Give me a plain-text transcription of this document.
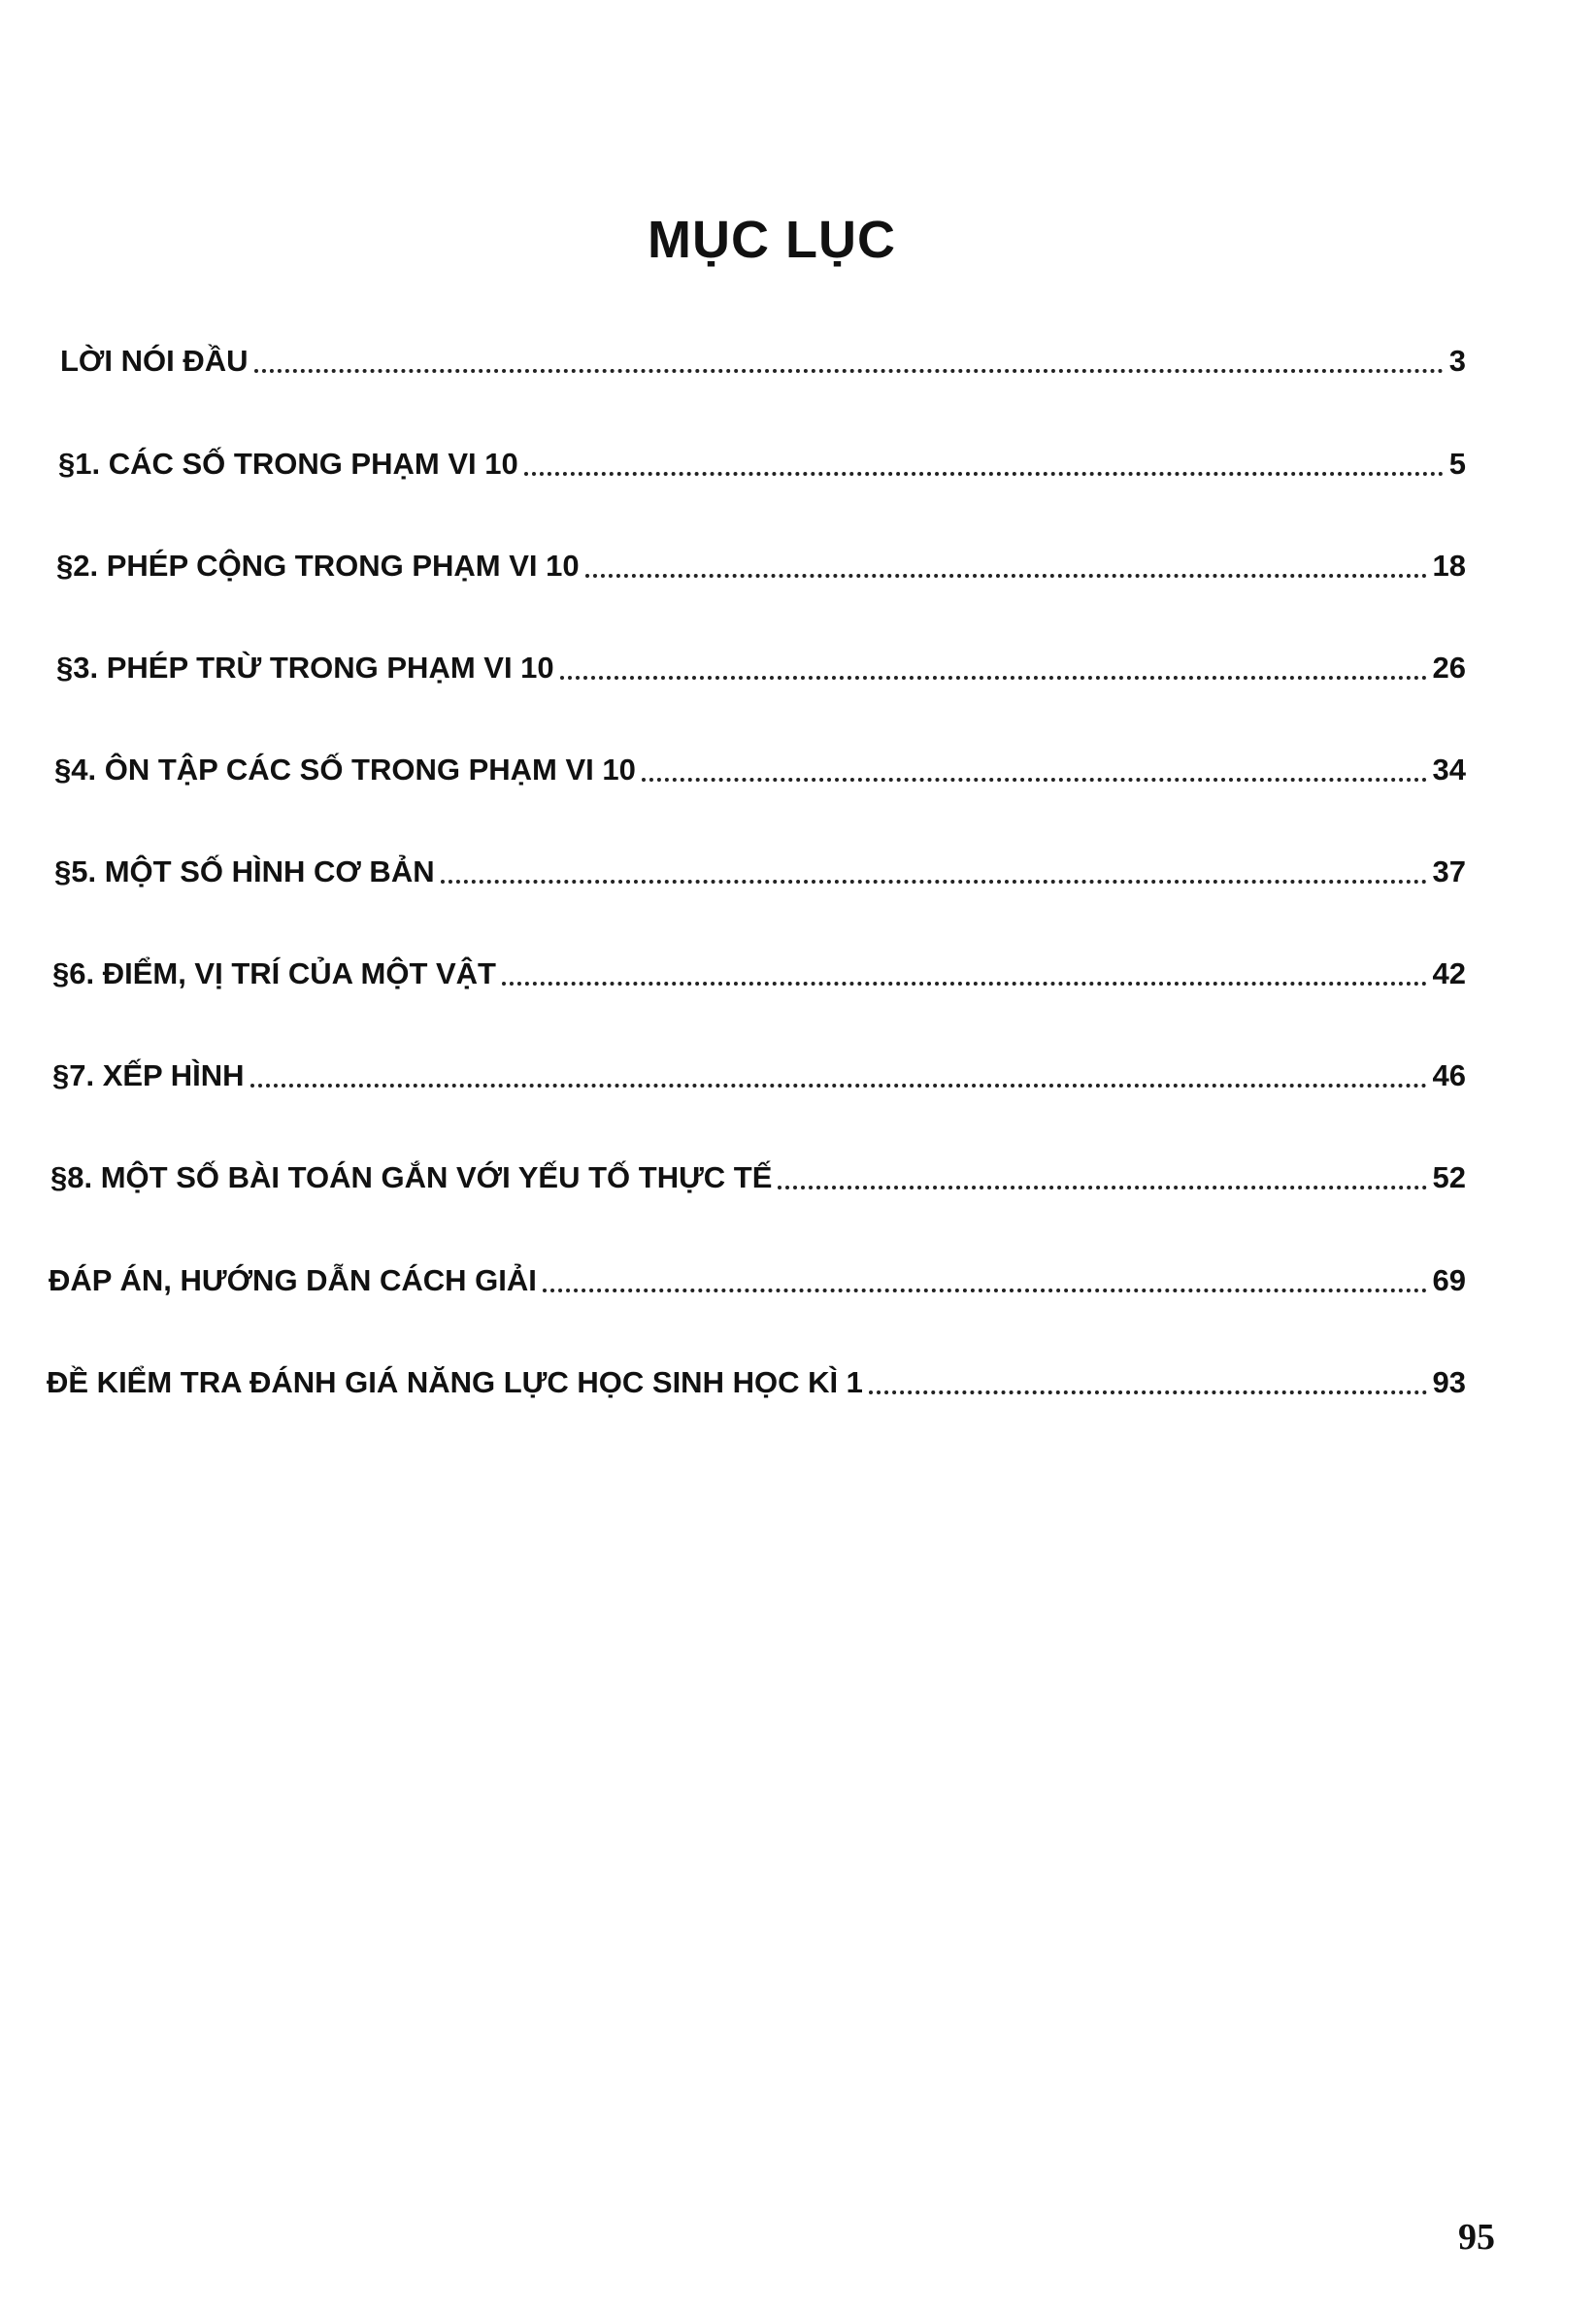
MỤC LỤC
LỜI NÓI ĐẦU	3
§1. CÁC SỐ TRONG PHẠM VI 10	5
§2. PHÉP CỘNG TRONG PHẠM VI 10	18
§3. PHÉP TRỪ TRONG PHẠM VI 10	26
§4. ÔN TẬP CÁC SỐ TRONG PHẠM VI 10	34
§5. MỘT SỐ HÌNH CƠ BẢN	37
§6. ĐIỂM, VỊ TRÍ CỦA MỘT VẬT	42
§7. XẾP HÌNH	46
§8. MỘT SỐ BÀI TOÁN GẮN VỚI YẾU TỐ THỰC TẾ	52
ĐÁP ÁN, HƯỚNG DẪN CÁCH GIẢI	69
ĐỀ KIỂM TRA ĐÁNH GIÁ NĂNG LỰC HỌC SINH HỌC KÌ 1	93
95
